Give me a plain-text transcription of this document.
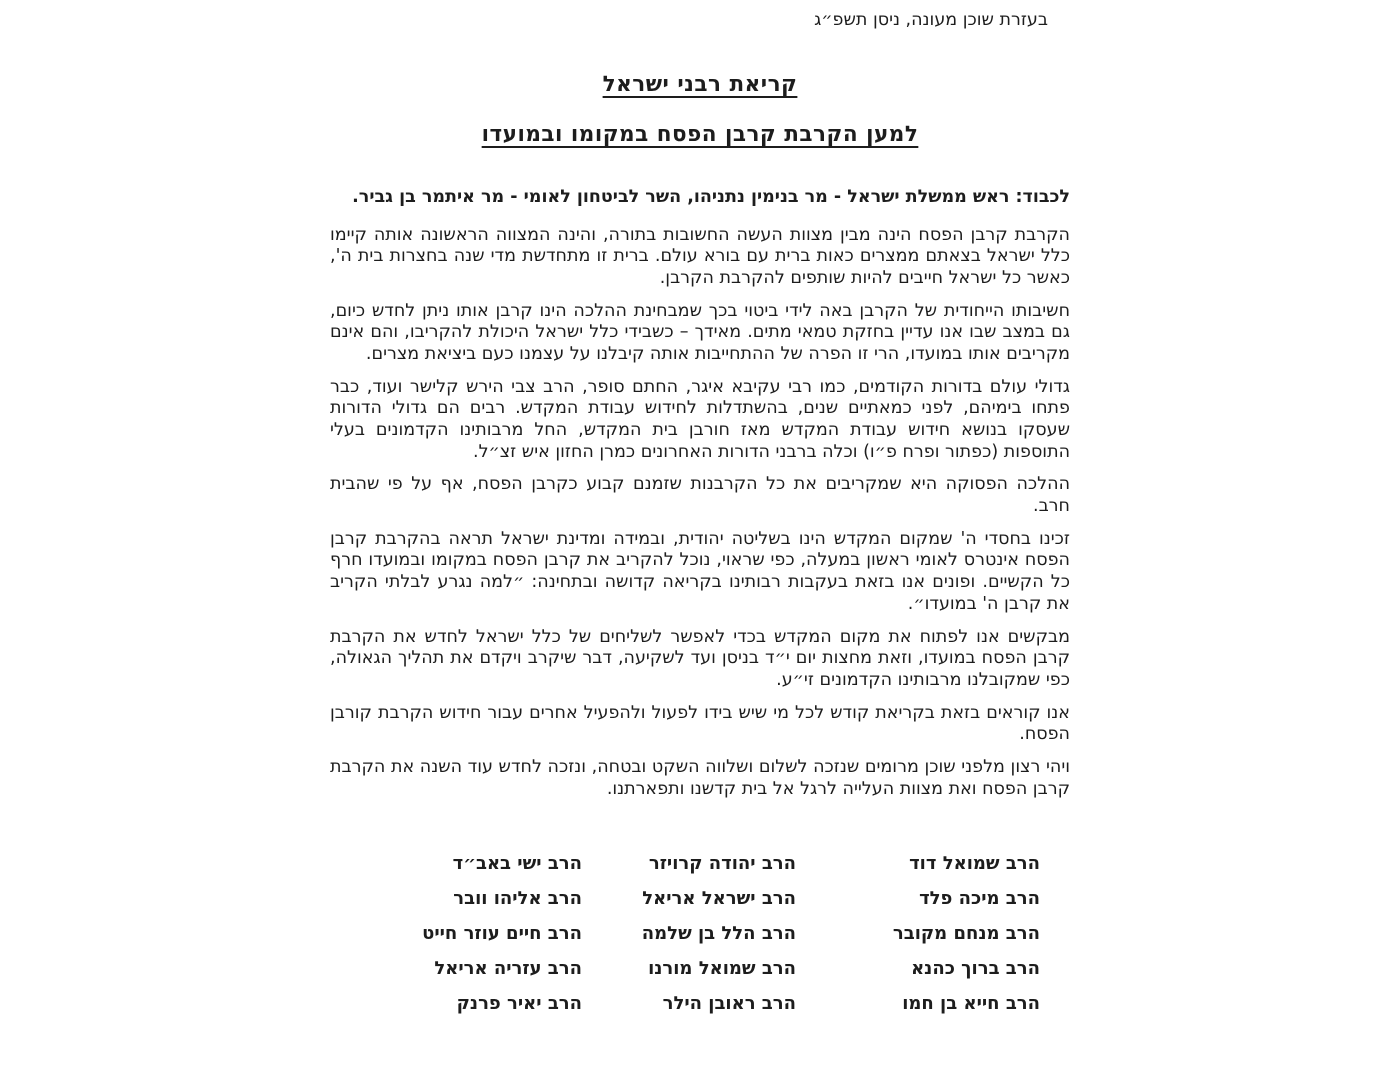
בעזרת שוכן מעונה, ניסן תשפ״ג
קריאת רבני ישראל
למען הקרבת קרבן הפסח במקומו ובמועדו

לכבוד: ראש ממשלת ישראל - מר בנימין נתניהו, השר לביטחון לאומי - מר איתמר בן גביר.

הקרבת קרבן הפסח הינה מבין מצוות העשה החשובות בתורה, והינה המצווה הראשונה אותה קיימו כלל ישראל בצאתם ממצרים כאות ברית עם בורא עולם. ברית זו מתחדשת מדי שנה בחצרות בית ה', כאשר כל ישראל חייבים להיות שותפים להקרבת הקרבן.

חשיבותו הייחודית של הקרבן באה לידי ביטוי בכך שמבחינת ההלכה הינו קרבן אותו ניתן לחדש כיום, גם במצב שבו אנו עדיין בחזקת טמאי מתים. מאידך – כשבידי כלל ישראל היכולת להקריבו, והם אינם מקריבים אותו במועדו, הרי זו הפרה של ההתחייבות אותה קיבלנו על עצמנו כעם ביציאת מצרים.

גדולי עולם בדורות הקודמים, כמו רבי עקיבא איגר, החתם סופר, הרב צבי הירש קלישר ועוד, כבר פתחו בימיהם, לפני כמאתיים שנים, בהשתדלות לחידוש עבודת המקדש. רבים הם גדולי הדורות שעסקו בנושא חידוש עבודת המקדש מאז חורבן בית המקדש, החל מרבותינו הקדמונים בעלי התוספות (כפתור ופרח פ״ו) וכלה ברבני הדורות האחרונים כמרן החזון איש זצ״ל.

ההלכה הפסוקה היא שמקריבים את כל הקרבנות שזמנם קבוע כקרבן הפסח, אף על פי שהבית חרב.

זכינו בחסדי ה' שמקום המקדש הינו בשליטה יהודית, ובמידה ומדינת ישראל תראה בהקרבת קרבן הפסח אינטרס לאומי ראשון במעלה, כפי שראוי, נוכל להקריב את קרבן הפסח במקומו ובמועדו חרף כל הקשיים. ופונים אנו בזאת בעקבות רבותינו בקריאה קדושה ובתחינה: ״למה נגרע לבלתי הקריב את קרבן ה' במועדו״.

מבקשים אנו לפתוח את מקום המקדש בכדי לאפשר לשליחים של כלל ישראל לחדש את הקרבת קרבן הפסח במועדו, וזאת מחצות יום י״ד בניסן ועד לשקיעה, דבר שיקרב ויקדם את תהליך הגאולה, כפי שמקובלנו מרבותינו הקדמונים זי״ע.

אנו קוראים בזאת בקריאת קודש לכל מי שיש בידו לפעול ולהפעיל אחרים עבור חידוש הקרבת קורבן הפסח.

ויהי רצון מלפני שוכן מרומים שנזכה לשלום ושלווה השקט ובטחה, ונזכה לחדש עוד השנה את הקרבת קרבן הפסח ואת מצוות העלייה לרגל אל בית קדשנו ותפארתנו.

הרב שמואל דוד
הרב מיכה פלד
הרב מנחם מקובר
הרב ברוך כהנא
הרב חייא בן חמו
הרב יהודה קרויזר
הרב ישראל אריאל
הרב הלל בן שלמה
הרב שמואל מורנו
הרב ראובן הילר
הרב ישי באב״ד
הרב אליהו וובר
הרב חיים עוזר חייט
הרב עזריה אריאל
הרב יאיר פרנק
